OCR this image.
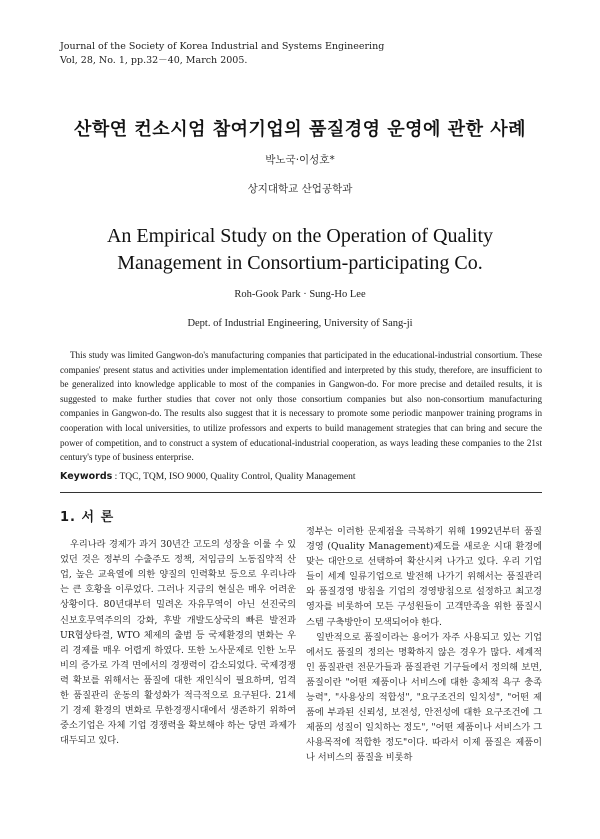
Journal of the Society of Korea Industrial and Systems Engineering
Vol, 28, No. 1, pp.32－40, March 2005.
산학연 컨소시엄 참여기업의 품질경영 운영에 관한 사례
박노국·이성호*
상지대학교 산업공학과
An Empirical Study on the Operation of Quality
Management in Consortium-participating Co.
Roh-Gook Park · Sung-Ho Lee
Dept. of Industrial Engineering, University of Sang-ji
This study was limited Gangwon-do's manufacturing companies that participated in the educational-industrial consortium. These companies' present status and activities under implementation identified and interpreted by this study, therefore, are insufficient to be generalized into knowledge applicable to most of the companies in Gangwon-do. For more precise and detailed results, it is suggested to make further studies that cover not only those consortium companies but also non-consortium manufacturing companies in Gangwon-do. The results also suggest that it is necessary to promote some periodic manpower training programs in cooperation with local universities, to utilize professors and experts to build management strategies that can bring and secure the power of competition, and to construct a system of educational-industrial cooperation, as ways leading these companies to the 21st century's type of business enterprise.
Keywords : TQC, TQM, ISO 9000, Quality Control, Quality Management
1. 서 론

우리나라 경제가 과거 30년간 고도의 성장을 이룰 수 있었던 것은 정부의 수출주도 정책, 저임금의 노동집약적 산업, 높은 교육열에 의한 양질의 인력확보 등으로 우리나라는 큰 호황을 이루었다. 그러나 지금의 현실은 매우 어려운 상황이다. 80년대부터 밀려온 자유무역이 아닌 선진국의 신보호무역주의의 강화, 후발 개발도상국의 빠른 발전과 UR협상타결, WTO 체제의 출범 등 국제환경의 변화는 우리 경제를 매우 어렵게 하였다. 또한 노사문제로 인한 노무비의 증가로 가격 면에서의 경쟁력이 감소되었다. 국제경쟁력 확보를 위해서는 품질에 대한 재인식이 필요하며, 엄격한 품질관리 운동의 활성화가 적극적으로 요구된다. 21세기 경제 환경의 변화로 무한경쟁시대에서 생존하기 위하여 중소기업은 자체 기업 경쟁력을 확보해야 하는 당면 과제가 대두되고 있다.

정부는 이러한 문제점을 극복하기 위해 1992년부터 품질경영 (Quality Management)제도를 새로운 시대 환경에 맞는 대안으로 선택하여 확산시켜 나가고 있다. 우리 기업들이 세계 일류기업으로 발전해 나가기 위해서는 품질관리와 품질경영 방침을 기업의 경영방침으로 설정하고 최고경영자를 비롯하여 모든 구성원들이 고객만족을 위한 품질시스템 구축방안이 모색되어야 한다.

일반적으로 품질이라는 용어가 자주 사용되고 있는 기업에서도 품질의 정의는 명확하지 않은 경우가 많다. 세계적인 품질관련 전문가들과 품질관련 기구들에서 정의해 보면, 품질이란 "어떤 제품이나 서비스에 대한 총체적 욕구 충족 능력", "사용상의 적합성", "요구조건의 일치성", "어떤 제품에 부과된 신뢰성, 보전성, 안전성에 대한 요구조건에 그 제품의 성질이 일치하는 정도", "어떤 제품이나 서비스가 그 사용목적에 적합한 정도"이다. 따라서 이제 품질은 제품이나 서비스의 품질을 비롯하
